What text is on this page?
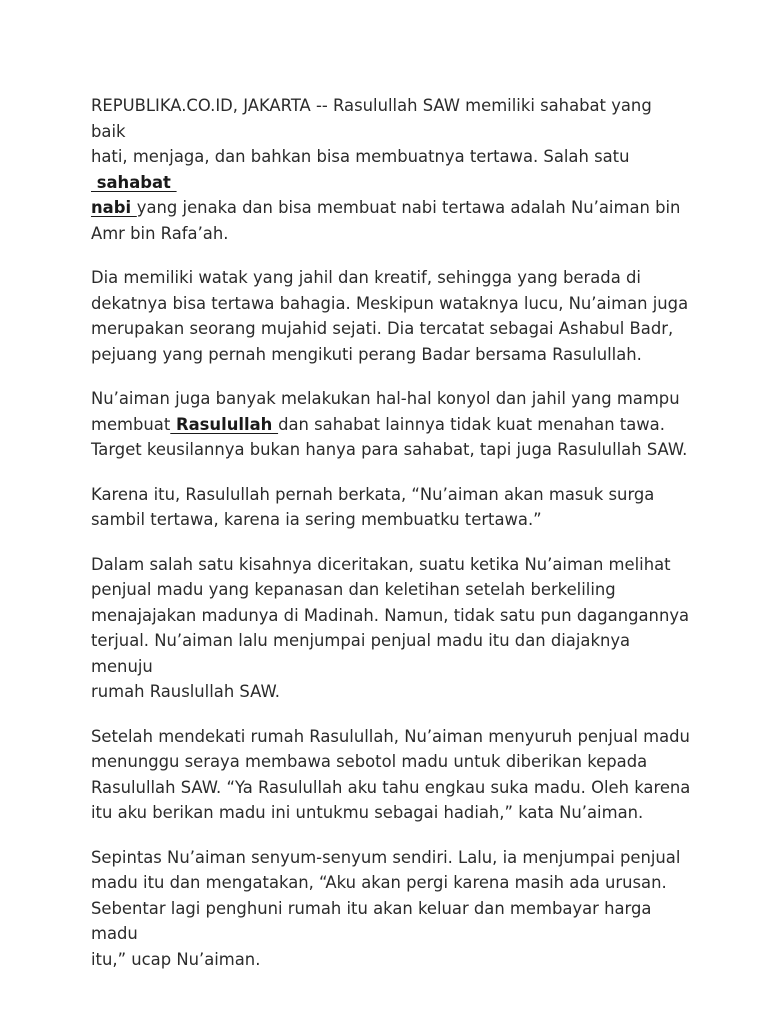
REPUBLIKA.CO.ID, JAKARTA -- Rasulullah SAW memiliki sahabat yang baik
hati, menjaga, dan bahkan bisa membuatnya tertawa. Salah satu sahabat
nabi yang jenaka dan bisa membuat nabi tertawa adalah Nu’aiman bin
Amr bin Rafa’ah.

Dia memiliki watak yang jahil dan kreatif, sehingga yang berada di
dekatnya bisa tertawa bahagia. Meskipun wataknya lucu, Nu’aiman juga
merupakan seorang mujahid sejati. Dia tercatat sebagai Ashabul Badr,
pejuang yang pernah mengikuti perang Badar bersama Rasulullah.

Nu’aiman juga banyak melakukan hal-hal konyol dan jahil yang mampu
membuat Rasulullah dan sahabat lainnya tidak kuat menahan tawa.
Target keusilannya bukan hanya para sahabat, tapi juga Rasulullah SAW.

Karena itu, Rasulullah pernah berkata, “Nu’aiman akan masuk surga
sambil tertawa, karena ia sering membuatku tertawa.”

Dalam salah satu kisahnya diceritakan, suatu ketika Nu’aiman melihat
penjual madu yang kepanasan dan keletihan setelah berkeliling
menajajakan madunya di Madinah. Namun, tidak satu pun dagangannya
terjual. Nu’aiman lalu menjumpai penjual madu itu dan diajaknya menuju
rumah Rauslullah SAW.

Setelah mendekati rumah Rasulullah, Nu’aiman menyuruh penjual madu
menunggu seraya membawa sebotol madu untuk diberikan kepada
Rasulullah SAW. “Ya Rasulullah aku tahu engkau suka madu. Oleh karena
itu aku berikan madu ini untukmu sebagai hadiah,” kata Nu’aiman.

Sepintas Nu’aiman senyum-senyum sendiri. Lalu, ia menjumpai penjual
madu itu dan mengatakan, “Aku akan pergi karena masih ada urusan.
Sebentar lagi penghuni rumah itu akan keluar dan membayar harga madu
itu,” ucap Nu’aiman.
